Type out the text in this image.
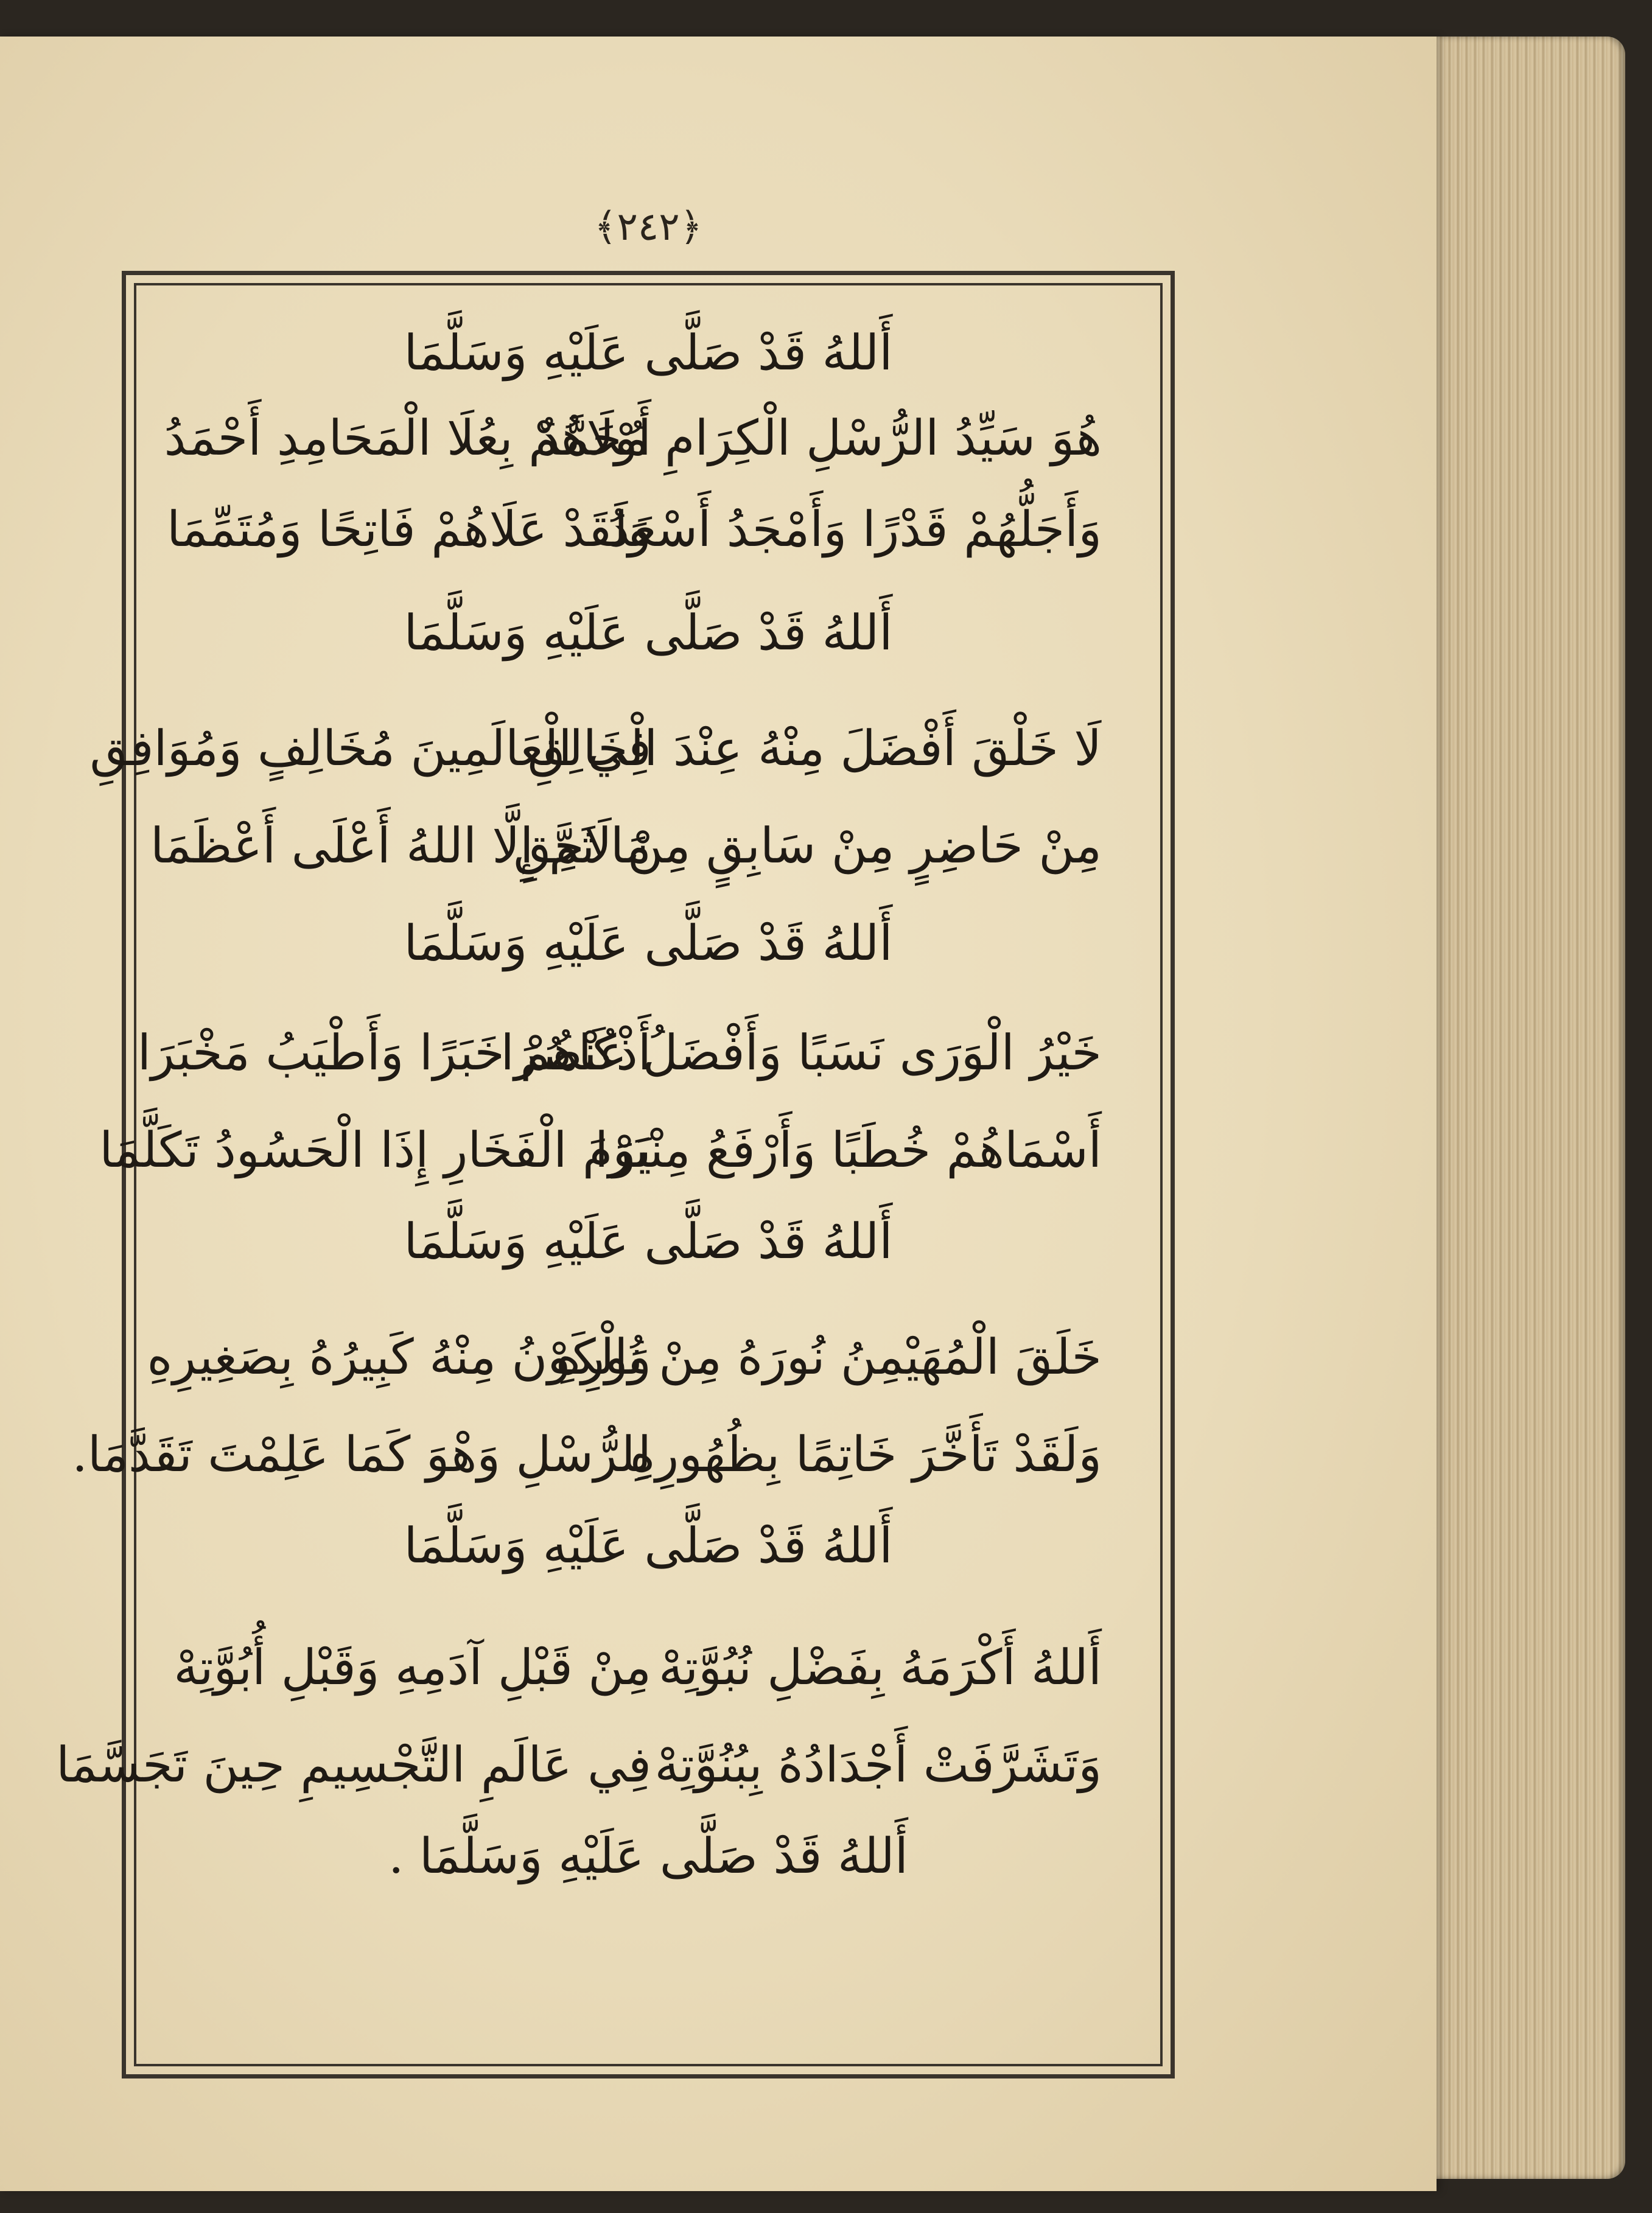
﴿٢٤٢﴾
أَللهُ قَدْ صَلَّى عَلَيْهِ وَسَلَّمَا
هُوَ سَيِّدُ الرُّسْلِ الْكِرَامِ مُحَمَّدٌ
أَوْلَاهُمْ بِعُلَا الْمَحَامِدِ أَحْمَدُ
وَأَجَلُّهُمْ قَدْرًا وَأَمْجَدُ أَسْعَدُ
وَلَقَدْ عَلَاهُمْ فَاتِحًا وَمُتَمِّمَا
أَللهُ قَدْ صَلَّى عَلَيْهِ وَسَلَّمَا
لَا خَلْقَ أَفْضَلَ مِنْهُ عِنْدَ الْخَالِقِ
فِي الْعَالَمِينَ مُخَالِفٍ وَمُوَافِقِ
مِنْ حَاضِرٍ مِنْ سَابِقٍ مِنْ لَاحِقِ
مَا ثَمَّ إِلَّا اللهُ أَعْلَى أَعْظَمَا
أَللهُ قَدْ صَلَّى عَلَيْهِ وَسَلَّمَا
خَيْرُ الْوَرَى نَسَبًا وَأَفْضَلُ عُنْصُرَا
أَذْكَاهُمْ خَبَرًا وَأَطْيَبُ مَخْبَرَا
أَسْمَاهُمْ خُطَبًا وَأَرْفَعُ مِنْبَرَا
يَوْمَ الْفَخَارِ إِذَا الْحَسُودُ تَكَلَّمَا
أَللهُ قَدْ صَلَّى عَلَيْهِ وَسَلَّمَا
خَلَقَ الْمُهَيْمِنُ نُورَهُ مِنْ نُورِهِ
وَالْكَوْنُ مِنْهُ كَبِيرُهُ بِصَغِيرِهِ
وَلَقَدْ تَأَخَّرَ خَاتِمًا بِظُهُورِهِ
لِلرُّسْلِ وَهْوَ كَمَا عَلِمْتَ تَقَدَّمَا.
أَللهُ قَدْ صَلَّى عَلَيْهِ وَسَلَّمَا
أَللهُ أَكْرَمَهُ بِفَضْلِ نُبُوَّتِهْ
مِنْ قَبْلِ آدَمِهِ وَقَبْلِ أُبُوَّتِهْ
وَتَشَرَّفَتْ أَجْدَادُهُ بِبُنُوَّتِهْ
فِي عَالَمِ التَّجْسِيمِ حِينَ تَجَسَّمَا
أَللهُ قَدْ صَلَّى عَلَيْهِ وَسَلَّمَا .
